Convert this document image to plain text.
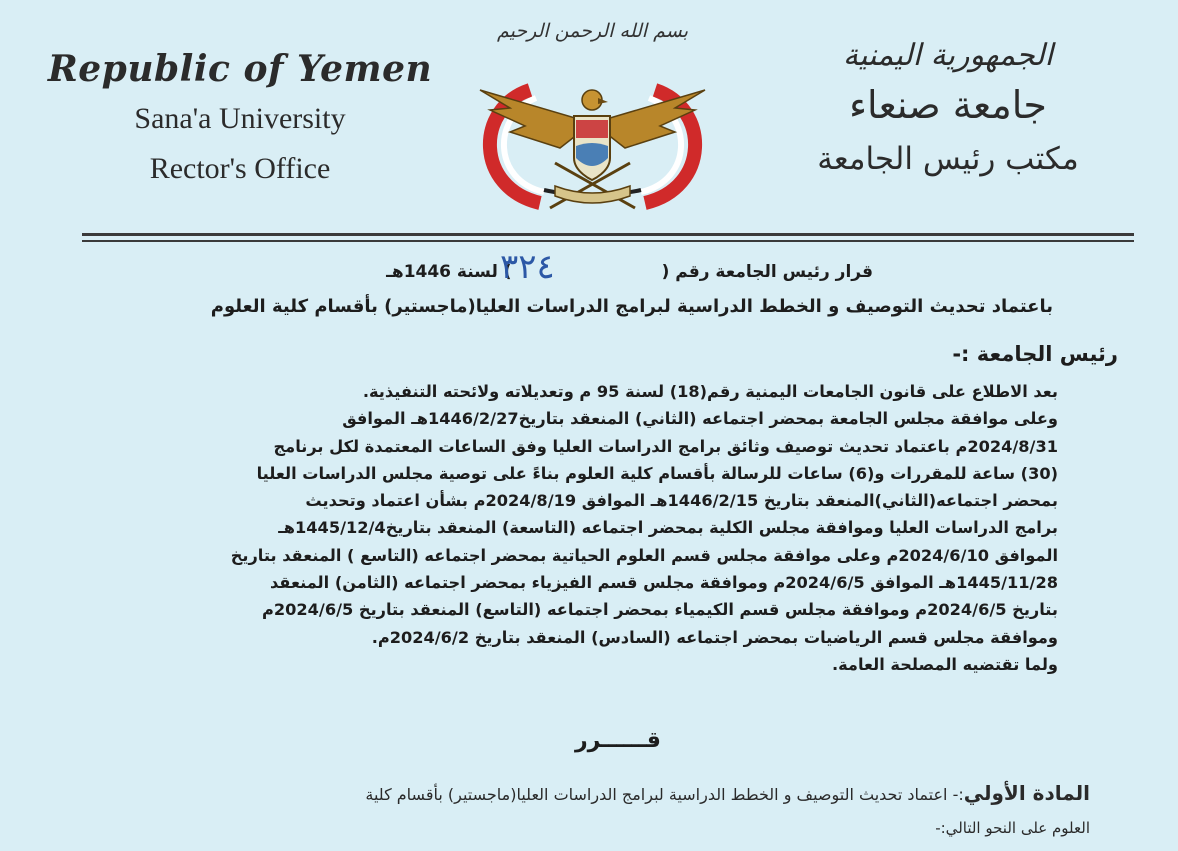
Republic of Yemen
Sana'a University
Rector's Office
بسم الله الرحمن الرحيم
الجمهورية اليمنية
جامعة صنعاء
مكتب رئيس الجامعة
قرار رئيس الجامعة رقم () لسنة 1446هـ
٣٢٤
باعتماد تحديث التوصيف و الخطط الدراسية لبرامج الدراسات العليا(ماجستير) بأقسام كلية العلوم
رئيس الجامعة :-

بعد الاطلاع على قانون الجامعات اليمنية رقم(18) لسنة 95 م وتعديلاته ولائحته التنفيذية.

وعلى موافقة مجلس الجامعة بمحضر اجتماعه (الثاني) المنعقد بتاريخ1446/2/27هـ الموافق

2024/8/31م باعتماد تحديث توصيف وثائق برامج الدراسات العليا وفق الساعات المعتمدة لكل برنامج

(30) ساعة للمقررات و(6) ساعات للرسالة بأقسام كلية العلوم بناءً على توصية مجلس الدراسات العليا

بمحضر اجتماعه(الثاني)المنعقد بتاريخ 1446/2/15هـ الموافق 2024/8/19م بشأن اعتماد وتحديث

برامج الدراسات العليا وموافقة مجلس الكلية بمحضر اجتماعه (التاسعة) المنعقد بتاريخ1445/12/4هـ

الموافق 2024/6/10م وعلى موافقة مجلس قسم العلوم الحياتية بمحضر اجتماعه (التاسع ) المنعقد بتاريخ

1445/11/28هـ الموافق 2024/6/5م وموافقة مجلس قسم الفيزياء بمحضر اجتماعه (الثامن) المنعقد

بتاريخ 2024/6/5م وموافقة مجلس قسم الكيمياء بمحضر اجتماعه (التاسع) المنعقد بتاريخ 2024/6/5م

وموافقة مجلس قسم الرياضيات بمحضر اجتماعه (السادس) المنعقد بتاريخ 2024/6/2م.

ولما تقتضيه المصلحة العامة.

قــــــرر
المادة الأولي:- اعتماد تحديث التوصيف و الخطط الدراسية لبرامج الدراسات العليا(ماجستير) بأقسام كلية
العلوم على النحو التالي:-
